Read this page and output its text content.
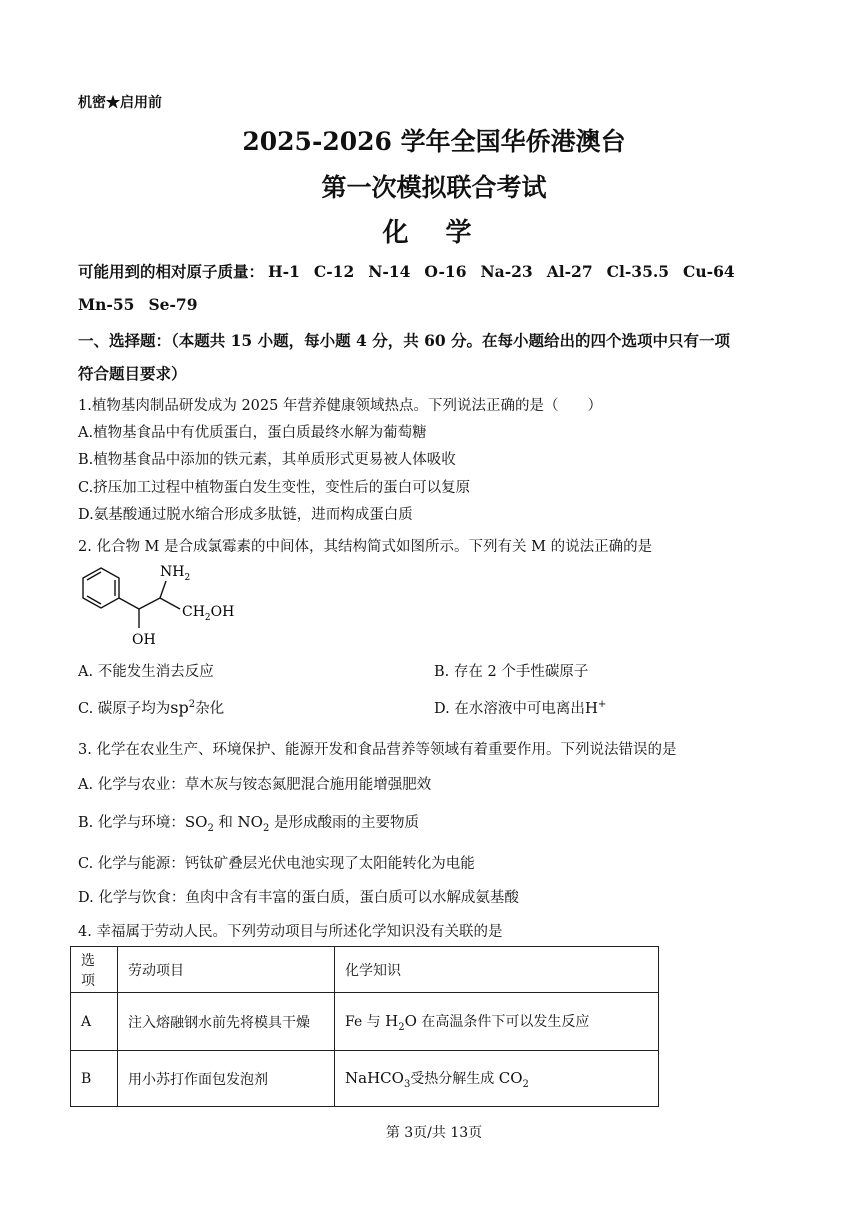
机密★启用前
2025-2026 学年全国华侨港澳台
第一次模拟联合考试
化 学
可能用到的相对原子质量： H-1 C-12 N-14 O-16 Na-23 Al-27 Cl-35.5 Cu-64
Mn-55 Se-79
一、选择题：（本题共 15 小题，每小题 4 分，共 60 分。在每小题给出的四个选项中只有一项
符合题目要求）
1.植物基肉制品研发成为 2025 年营养健康领域热点。下列说法正确的是（　　）
A.植物基食品中有优质蛋白，蛋白质最终水解为葡萄糖
B.植物基食品中添加的铁元素，其单质形式更易被人体吸收
C.挤压加工过程中植物蛋白发生变性，变性后的蛋白可以复原
D.氨基酸通过脱水缩合形成多肽链，进而构成蛋白质
2. 化合物 M 是合成氯霉素的中间体，其结构简式如图所示。下列有关 M 的说法正确的是
$NH_2$
$CH_2OH$
OH
A. 不能发生消去反应	B. 存在 2 个手性碳原子
C. 碳原子均为$sp^2$杂化	D. 在水溶液中可电离出H+
3. 化学在农业生产、环境保护、能源开发和食品营养等领域有着重要作用。下列说法错误的是
A. 化学与农业：草木灰与铵态氮肥混合施用能增强肥效
B. 化学与环境：$SO_2$ 和 $NO_2$ 是形成酸雨的主要物质
C. 化学与能源：钙钛矿叠层光伏电池实现了太阳能转化为电能
D. 化学与饮食：鱼肉中含有丰富的蛋白质，蛋白质可以水解成氨基酸
4. 幸福属于劳动人民。下列劳动项目与所述化学知识没有关联的是
选项	劳动项目	化学知识
A	注入熔融钢水前先将模具干燥	Fe 与 $H_2O$ 在高温条件下可以发生反应
B	用小苏打作面包发泡剂	NaHCO$_3$受热分解生成 $CO_2$
第 3页/共 13页
